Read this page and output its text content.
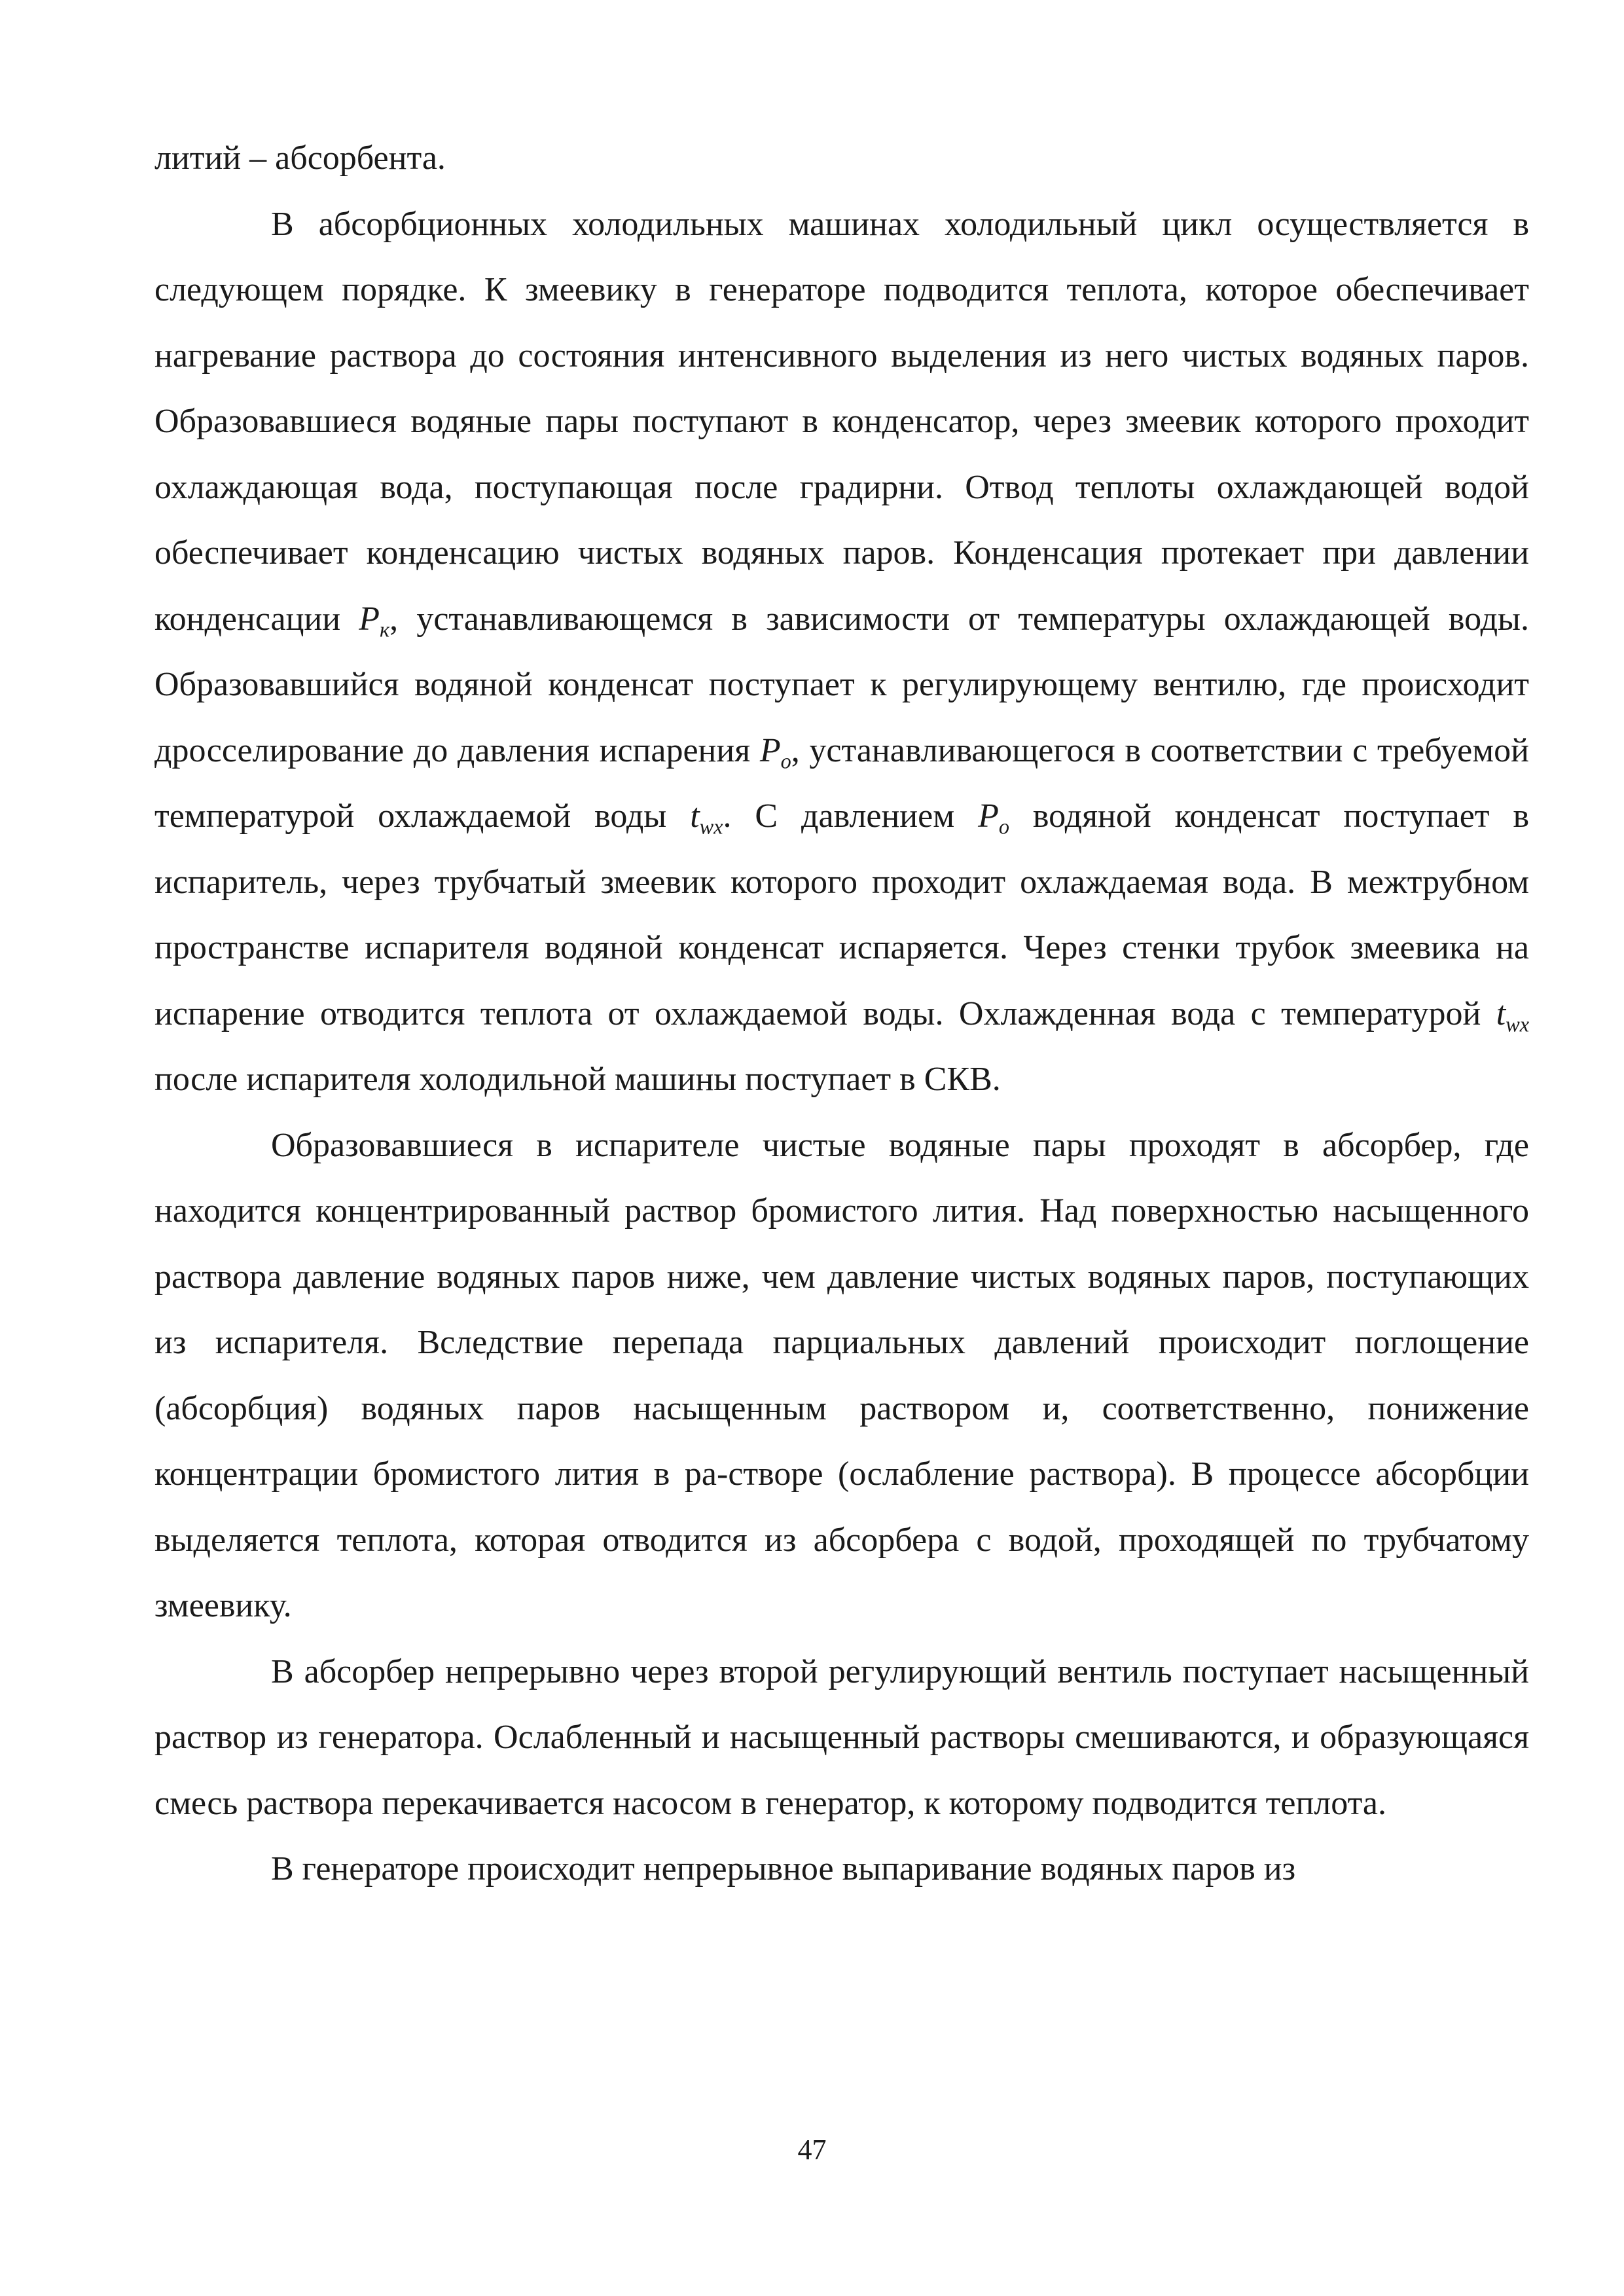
литий – абсорбента.

В абсорбционных холодильных машинах холодильный цикл осуществляется в следующем порядке. К змеевику в генераторе подводится теплота, которое обеспечивает нагревание раствора до состояния интенсивного выделения из него чистых водяных паров. Образовавшиеся водяные пары поступают в конденсатор, через змеевик которого проходит охлаждающая вода, поступающая после градирни. Отвод теплоты охлаждающей водой обеспечивает конденсацию чистых водяных паров. Конденсация протекает при давлении конденсации $P_к$, устанавливающемся в зависимости от температуры охлаждающей воды. Образовавшийся водяной конденсат поступает к регулирующему вентилю, где происходит дросселирование до давления испарения $P_o$, устанавливающегося в соответствии с требуемой температурой охлаждаемой воды $t_{wx}$. С давлением $P_o$ водяной конденсат поступает в испаритель, через трубчатый змеевик которого проходит охлаждаемая вода. В межтрубном пространстве испарителя водяной конденсат испаряется. Через стенки трубок змеевика на испарение отводится теплота от охлаждаемой воды. Охлажденная вода с температурой $t_{wx}$ после испарителя холодильной машины поступает в СКВ.

Образовавшиеся в испарителе чистые водяные пары проходят в абсорбер, где находится концентрированный раствор бромистого лития. Над поверхностью насыщенного раствора давление водяных паров ниже, чем давление чистых водяных паров, поступающих из испарителя. Вследствие перепада парциальных давлений происходит поглощение (абсорбция) водяных паров насыщенным раствором и, соответственно, понижение концентрации бромистого лития в ра-створе (ослабление раствора). В процессе абсорбции выделяется теплота, которая отводится из абсорбера с водой, проходящей по трубчатому змеевику.

В абсорбер непрерывно через второй регулирующий вентиль поступает насыщенный раствор из генератора. Ослабленный и насыщенный растворы смешиваются, и образующаяся смесь раствора перекачивается насосом в генератор, к которому подводится теплота.

В генераторе происходит непрерывное выпаривание водяных паров из

47
